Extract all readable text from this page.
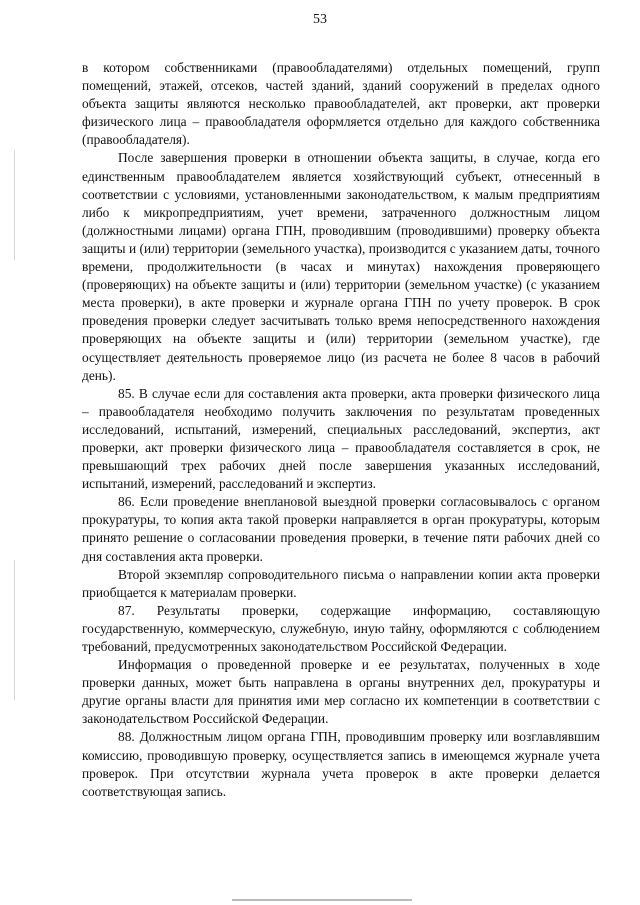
53

в котором собственниками (правообладателями) отдельных помещений, групп помещений, этажей, отсеков, частей зданий, зданий сооружений в пределах одного объекта защиты являются несколько правообладателей, акт проверки, акт проверки физического лица – правообладателя оформляется отдельно для каждого собственника (правообладателя).

После завершения проверки в отношении объекта защиты, в случае, когда его единственным правообладателем является хозяйствующий субъект, отнесенный в соответствии с условиями, установленными законодательством, к малым предприятиям либо к микропредприятиям, учет времени, затраченного должностным лицом (должностными лицами) органа ГПН, проводившим (проводившими) проверку объекта защиты и (или) территории (земельного участка), производится с указанием даты, точного времени, продолжительности (в часах и минутах) нахождения проверяющего (проверяющих) на объекте защиты и (или) территории (земельном участке) (с указанием места проверки), в акте проверки и журнале органа ГПН по учету проверок. В срок проведения проверки следует засчитывать только время непосредственного нахождения проверяющих на объекте защиты и (или) территории (земельном участке), где осуществляет деятельность проверяемое лицо (из расчета не более 8 часов в рабочий день).

85. В случае если для составления акта проверки, акта проверки физического лица – правообладателя необходимо получить заключения по результатам проведенных исследований, испытаний, измерений, специальных расследований, экспертиз, акт проверки, акт проверки физического лица – правообладателя составляется в срок, не превышающий трех рабочих дней после завершения указанных исследований, испытаний, измерений, расследований и экспертиз.

86. Если проведение внеплановой выездной проверки согласовывалось с органом прокуратуры, то копия акта такой проверки направляется в орган прокуратуры, которым принято решение о согласовании проведения проверки, в течение пяти рабочих дней со дня составления акта проверки.

Второй экземпляр сопроводительного письма о направлении копии акта проверки приобщается к материалам проверки.

87. Результаты проверки, содержащие информацию, составляющую государственную, коммерческую, служебную, иную тайну, оформляются с соблюдением требований, предусмотренных законодательством Российской Федерации.

Информация о проведенной проверке и ее результатах, полученных в ходе проверки данных, может быть направлена в органы внутренних дел, прокуратуры и другие органы власти для принятия ими мер согласно их компетенции в соответствии с законодательством Российской Федерации.

88. Должностным лицом органа ГПН, проводившим проверку или возглавлявшим комиссию, проводившую проверку, осуществляется запись в имеющемся журнале учета проверок. При отсутствии журнала учета проверок в акте проверки делается соответствующая запись.
